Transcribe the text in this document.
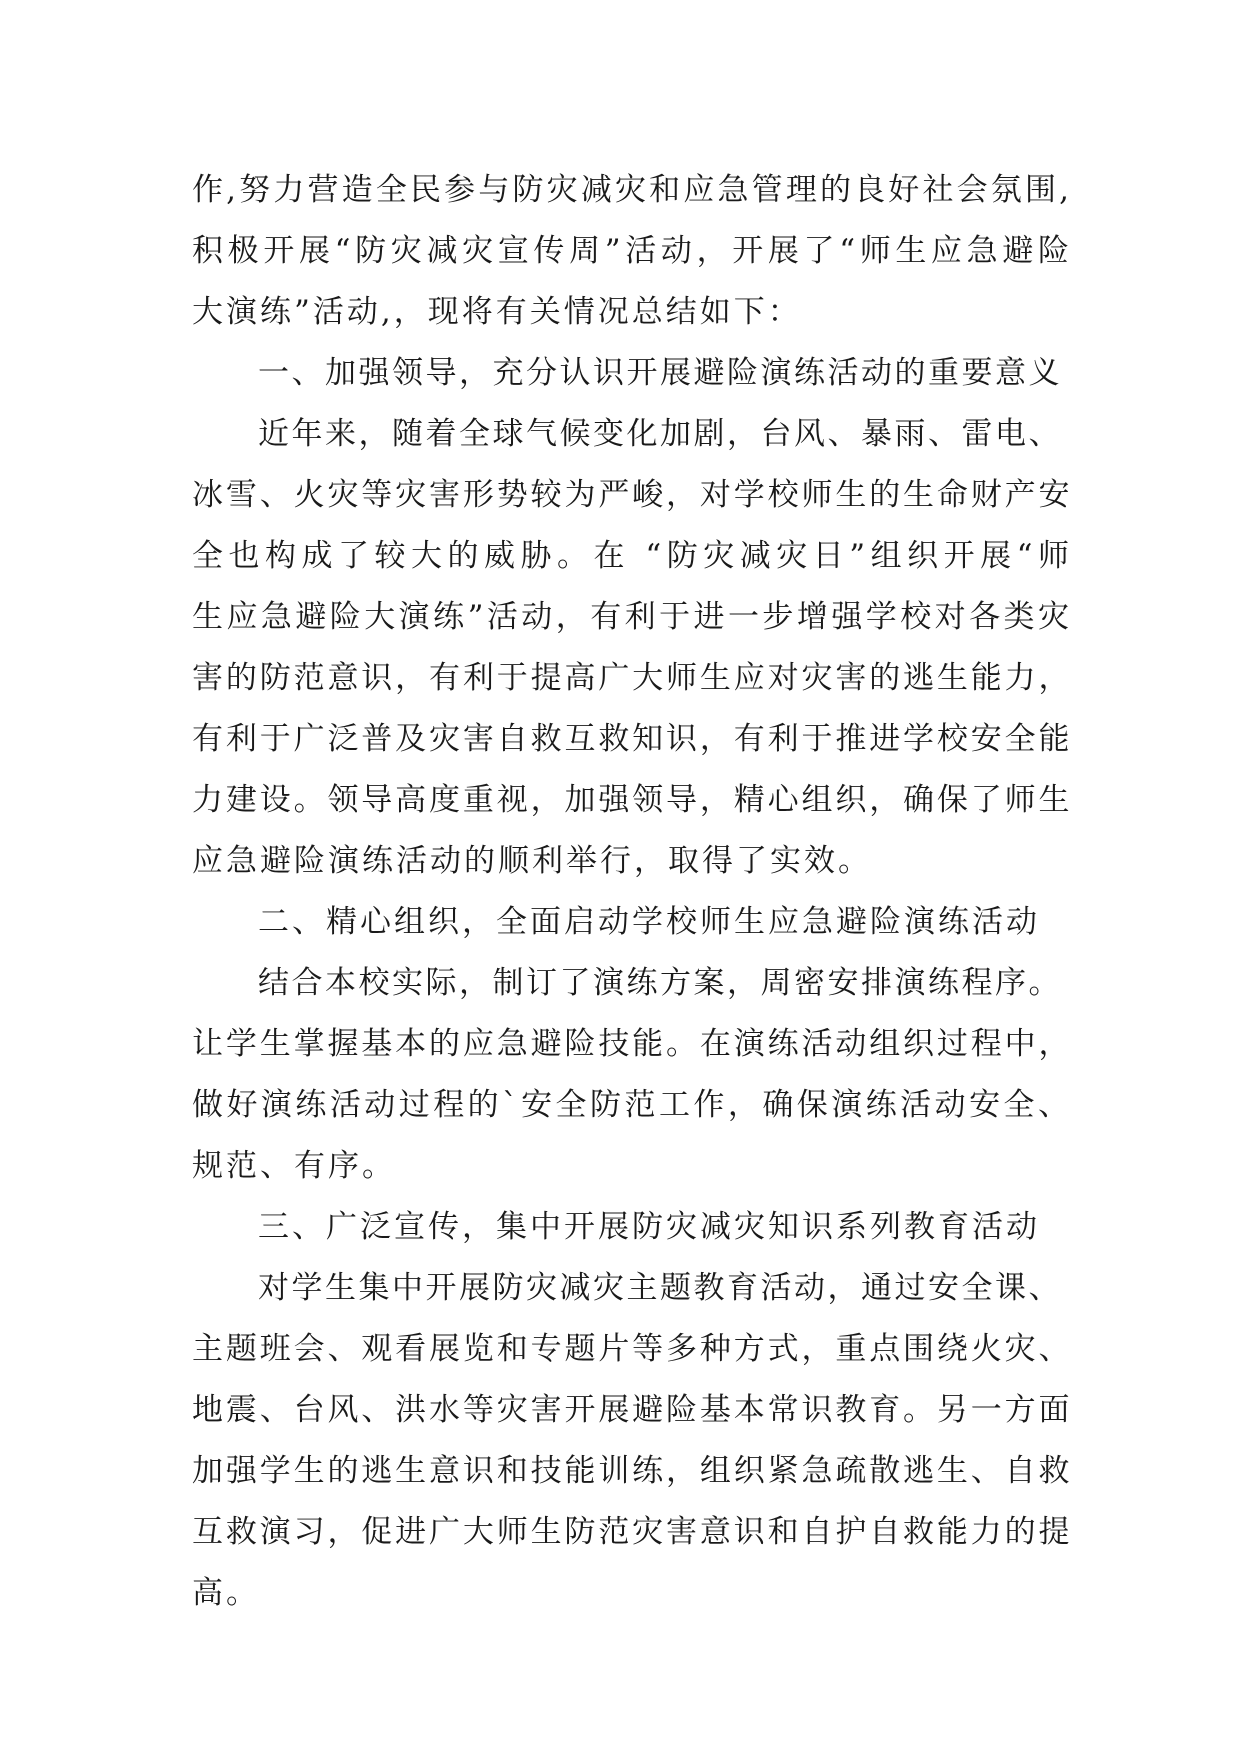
作,努力营造全民参与防灾减灾和应急管理的良好社会氛围,
积极开展“防灾减灾宣传周”活动，开展了“师生应急避险
大演练”活动,，现将有关情况总结如下：
一、加强领导，充分认识开展避险演练活动的重要意义
近年来，随着全球气候变化加剧，台风、暴雨、雷电、
冰雪、火灾等灾害形势较为严峻，对学校师生的生命财产安
全也构成了较大的威胁。在 “防灾减灾日”组织开展“师
生应急避险大演练”活动，有利于进一步增强学校对各类灾
害的防范意识，有利于提高广大师生应对灾害的逃生能力，
有利于广泛普及灾害自救互救知识，有利于推进学校安全能
力建设。领导高度重视，加强领导，精心组织，确保了师生
应急避险演练活动的顺利举行，取得了实效。
二、精心组织，全面启动学校师生应急避险演练活动
结合本校实际，制订了演练方案，周密安排演练程序。
让学生掌握基本的应急避险技能。在演练活动组织过程中，
做好演练活动过程的`安全防范工作，确保演练活动安全、
规范、有序。
三、广泛宣传，集中开展防灾减灾知识系列教育活动
对学生集中开展防灾减灾主题教育活动，通过安全课、
主题班会、观看展览和专题片等多种方式，重点围绕火灾、
地震、台风、洪水等灾害开展避险基本常识教育。另一方面
加强学生的逃生意识和技能训练，组织紧急疏散逃生、自救
互救演习，促进广大师生防范灾害意识和自护自救能力的提
高。
